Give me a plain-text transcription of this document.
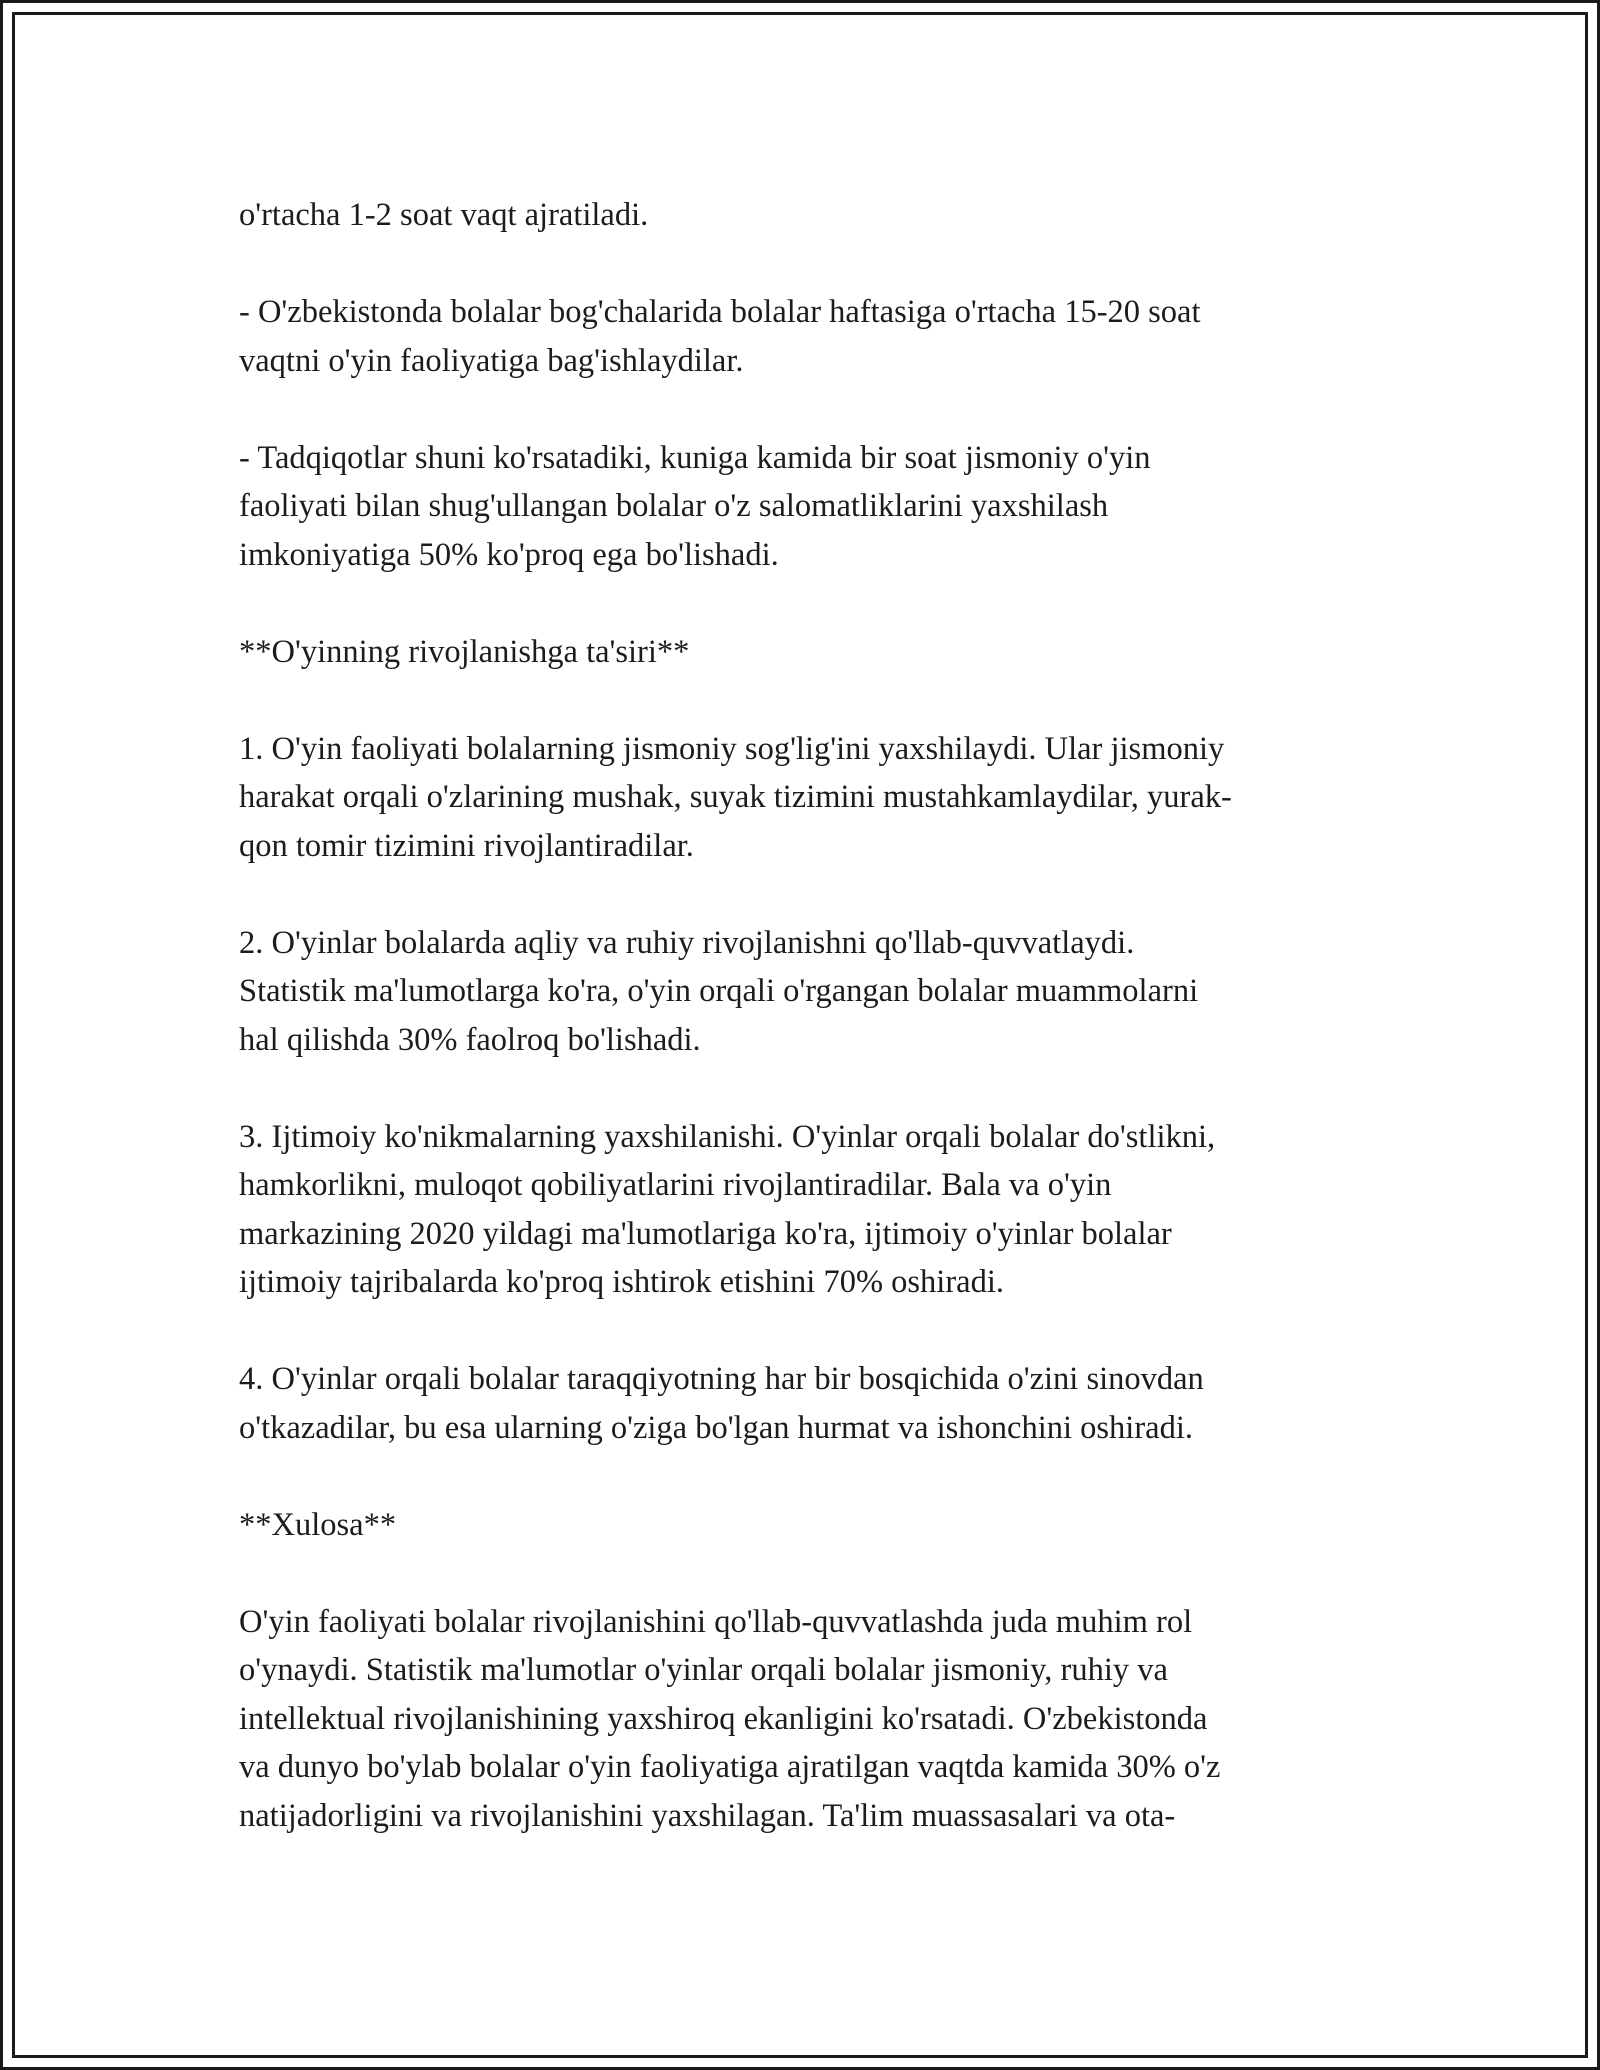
o'rtacha 1-2 soat vaqt ajratiladi.
- O'zbekistonda bolalar bog'chalarida bolalar haftasiga o'rtacha 15-20 soat
vaqtni o'yin faoliyatiga bag'ishlaydilar.
- Tadqiqotlar shuni ko'rsatadiki, kuniga kamida bir soat jismoniy o'yin
faoliyati bilan shug'ullangan bolalar o'z salomatliklarini yaxshilash
imkoniyatiga 50% ko'proq ega bo'lishadi.
**O'yinning rivojlanishga ta'siri**
1. O'yin faoliyati bolalarning jismoniy sog'lig'ini yaxshilaydi. Ular jismoniy
harakat orqali o'zlarining mushak, suyak tizimini mustahkamlaydilar, yurak-
qon tomir tizimini rivojlantiradilar.
2. O'yinlar bolalarda aqliy va ruhiy rivojlanishni qo'llab-quvvatlaydi.
Statistik ma'lumotlarga ko'ra, o'yin orqali o'rgangan bolalar muammolarni
hal qilishda 30% faolroq bo'lishadi.
3. Ijtimoiy ko'nikmalarning yaxshilanishi. O'yinlar orqali bolalar do'stlikni,
hamkorlikni, muloqot qobiliyatlarini rivojlantiradilar. Bala va o'yin
markazining 2020 yildagi ma'lumotlariga ko'ra, ijtimoiy o'yinlar bolalar
ijtimoiy tajribalarda ko'proq ishtirok etishini 70% oshiradi.
4. O'yinlar orqali bolalar taraqqiyotning har bir bosqichida o'zini sinovdan
o'tkazadilar, bu esa ularning o'ziga bo'lgan hurmat va ishonchini oshiradi.
**Xulosa**
O'yin faoliyati bolalar rivojlanishini qo'llab-quvvatlashda juda muhim rol
o'ynaydi. Statistik ma'lumotlar o'yinlar orqali bolalar jismoniy, ruhiy va
intellektual rivojlanishining yaxshiroq ekanligini ko'rsatadi. O'zbekistonda
va dunyo bo'ylab bolalar o'yin faoliyatiga ajratilgan vaqtda kamida 30% o'z
natijadorligini va rivojlanishini yaxshilagan. Ta'lim muassasalari va ota-
